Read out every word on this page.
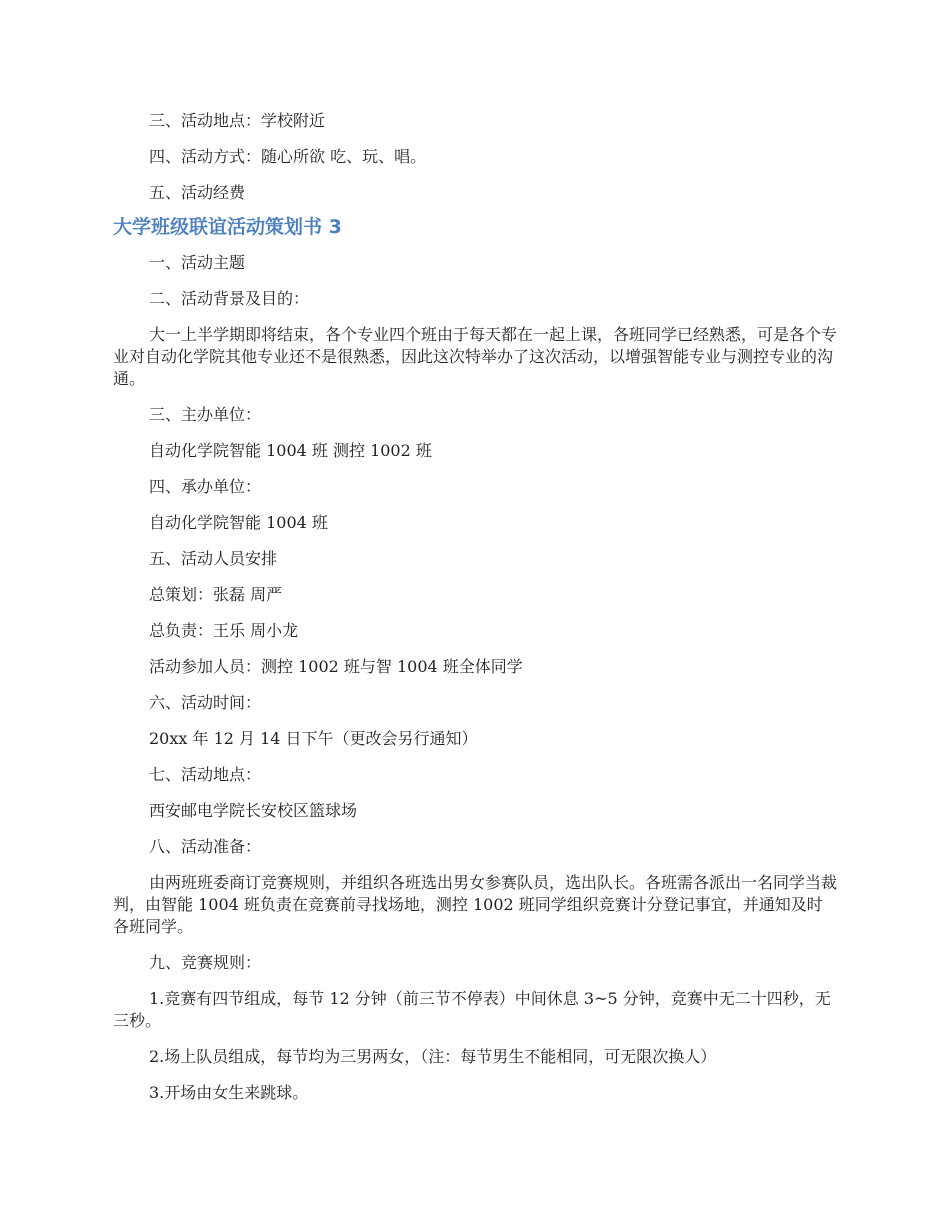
三、活动地点：学校附近

四、活动方式：随心所欲 吃、玩、唱。

五、活动经费

大学班级联谊活动策划书 3

一、活动主题

二、活动背景及目的：

大一上半学期即将结束，各个专业四个班由于每天都在一起上课，各班同学已经熟悉，可是各个专业对自动化学院其他专业还不是很熟悉，因此这次特举办了这次活动，以增强智能专业与测控专业的沟通。

三、主办单位：

自动化学院智能 1004 班 测控 1002 班

四、承办单位：

自动化学院智能 1004 班

五、活动人员安排

总策划：张磊 周严

总负责：王乐 周小龙

活动参加人员：测控 1002 班与智 1004 班全体同学

六、活动时间：

20xx 年 12 月 14 日下午（更改会另行通知）

七、活动地点：

西安邮电学院长安校区篮球场

八、活动准备：

由两班班委商订竞赛规则，并组织各班选出男女参赛队员，选出队长。各班需各派出一名同学当裁判，由智能 1004 班负责在竞赛前寻找场地，测控 1002 班同学组织竞赛计分登记事宜，并通知及时各班同学。

九、竞赛规则：

1.竞赛有四节组成，每节 12 分钟（前三节不停表）中间休息 3~5 分钟，竞赛中无二十四秒，无三秒。

2.场上队员组成，每节均为三男两女，（注：每节男生不能相同，可无限次换人）

3.开场由女生来跳球。
